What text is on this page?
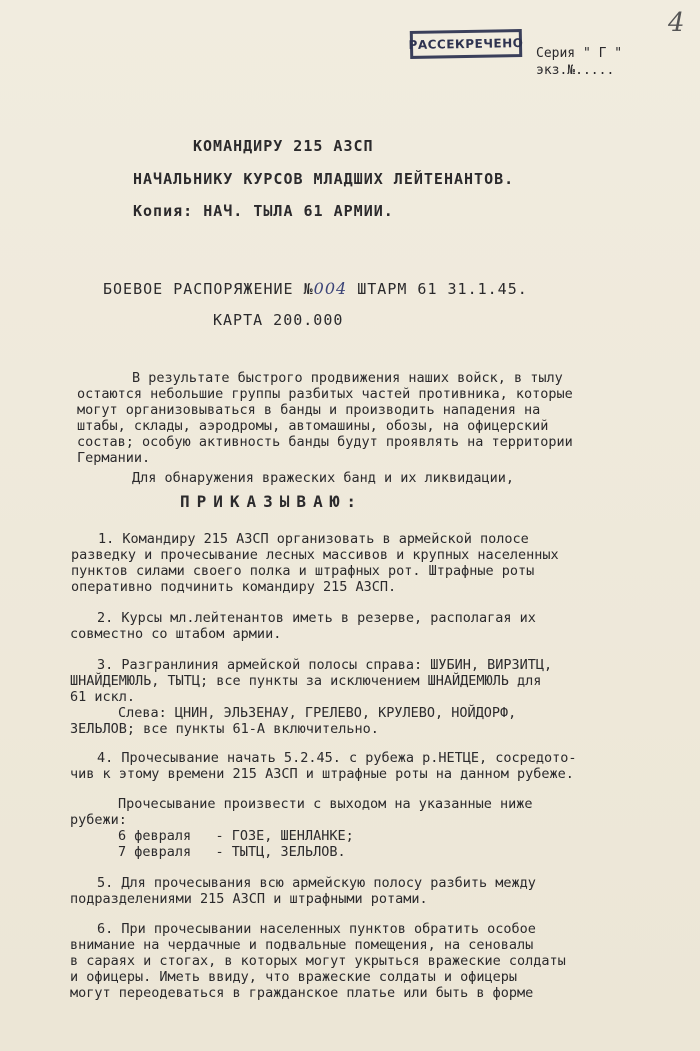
РАССЕКРЕЧЕНО
4
Серия " Г "
экз.№.....
КОМАНДИРУ 215 АЗСП
НАЧАЛЬНИКУ КУРСОВ МЛАДШИХ ЛЕЙТЕНАНТОВ.
Копия: НАЧ. ТЫЛА 61 АРМИИ.
БОЕВОЕ РАСПОРЯЖЕНИЕ №004 ШТАРМ 61 31.1.45.
КАРТА 200.000
В результате быстрого продвижения наших войск, в тылу
остаются небольшие группы разбитых частей противника, которые
могут организовываться в банды и производить нападения на
штабы, склады, аэродромы, автомашины, обозы, на офицерский
состав; особую активность банды будут проявлять на территории
Германии.
Для обнаружения вражеских банд и их ликвидации,
ПРИКАЗЫВАЮ:
1. Командиру 215 АЗСП организовать в армейской полосе
разведку и прочесывание лесных массивов и крупных населенных
пунктов силами своего полка и штрафных рот. Штрафные роты
оперативно подчинить командиру 215 АЗСП.
2. Курсы мл.лейтенантов иметь в резерве, располагая их
совместно со штабом армии.
3. Разгранлиния армейской полосы справа: ШУБИН, ВИРЗИТЦ,
ШНАЙДЕМЮЛЬ, ТЫТЦ; все пункты за исключением ШНАЙДЕМЮЛЬ для
61 искл.
Слева: ЦНИН, ЭЛЬЗЕНАУ, ГРЕЛЕВО, КРУЛЕВО, НОЙДОРФ,
ЗЕЛЬЛОВ; все пункты 61-А включительно.
4. Прочесывание начать 5.2.45. с рубежа р.НЕТЦЕ, сосредото-
чив к этому времени 215 АЗСП и штрафные роты на данном рубеже.
Прочесывание произвести с выходом на указанные ниже
рубежи:
6 февраля   - ГОЗЕ, ШЕНЛАНКЕ;
7 февраля   - ТЫТЦ, ЗЕЛЬЛОВ.
5. Для прочесывания всю армейскую полосу разбить между
подразделениями 215 АЗСП и штрафными ротами.
6. При прочесывании населенных пунктов обратить особое
внимание на чердачные и подвальные помещения, на сеновалы
в сараях и стогах, в которых могут укрыться вражеские солдаты
и офицеры. Иметь ввиду, что вражеские солдаты и офицеры
могут переодеваться в гражданское платье или быть в форме
